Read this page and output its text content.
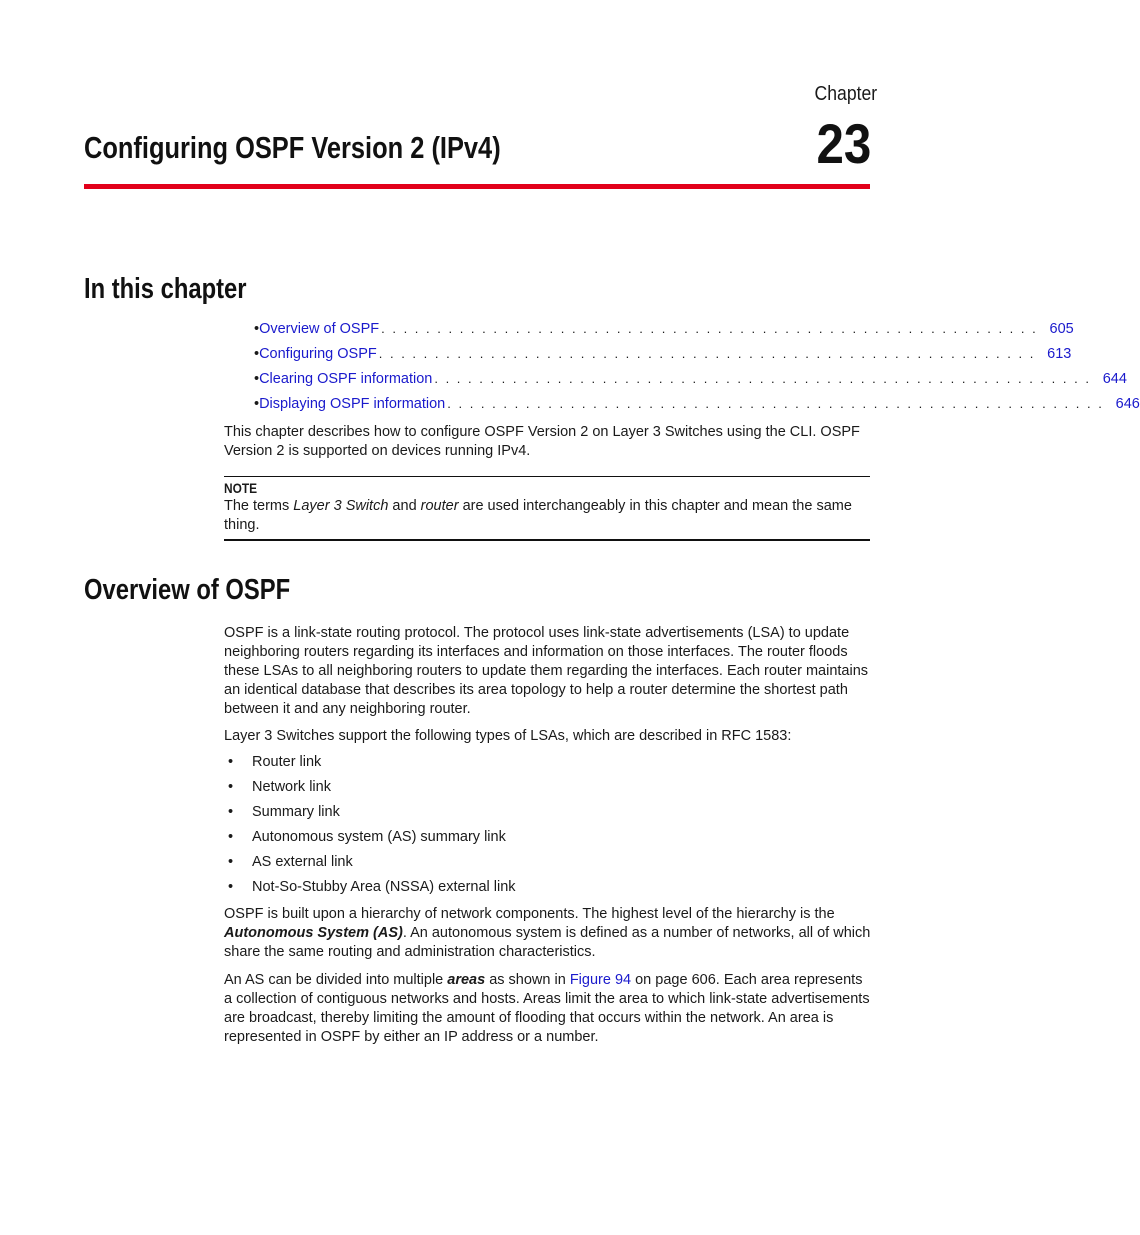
Chapter
23
Configuring OSPF Version 2 (IPv4)
In this chapter
• Overview of OSPF . . . . . . . . . . . . . . . . . . . . . . . . . . . . . . . . . . . . . . . . . . . . . . . . . . . . . . . . . . . 605
• Configuring OSPF . . . . . . . . . . . . . . . . . . . . . . . . . . . . . . . . . . . . . . . . . . . . . . . . . . . . . . . . . . . 613
• Clearing OSPF information . . . . . . . . . . . . . . . . . . . . . . . . . . . . . . . . . . . . . . . . . . . . . . . . . . . . . . . . . . . 644
• Displaying OSPF information . . . . . . . . . . . . . . . . . . . . . . . . . . . . . . . . . . . . . . . . . . . . . . . . . . . . . . . . . . . 646

This chapter describes how to configure OSPF Version 2 on Layer 3 Switches using the CLI. OSPF Version 2 is supported on devices running IPv4.

NOTE

The terms Layer 3 Switch and router are used interchangeably in this chapter and mean the same thing.

Overview of OSPF

OSPF is a link-state routing protocol. The protocol uses link-state advertisements (LSA) to update neighboring routers regarding its interfaces and information on those interfaces. The router floods these LSAs to all neighboring routers to update them regarding the interfaces. Each router maintains an identical database that describes its area topology to help a router determine the shortest path between it and any neighboring router.

Layer 3 Switches support the following types of LSAs, which are described in RFC 1583:

•	Router link
•	Network link
•	Summary link
•	Autonomous system (AS) summary link
•	AS external link
•	Not-So-Stubby Area (NSSA) external link

OSPF is built upon a hierarchy of network components. The highest level of the hierarchy is the Autonomous System (AS). An autonomous system is defined as a number of networks, all of which share the same routing and administration characteristics.

An AS can be divided into multiple areas as shown in Figure 94 on page 606. Each area represents a collection of contiguous networks and hosts. Areas limit the area to which link-state advertisements are broadcast, thereby limiting the amount of flooding that occurs within the network. An area is represented in OSPF by either an IP address or a number.
